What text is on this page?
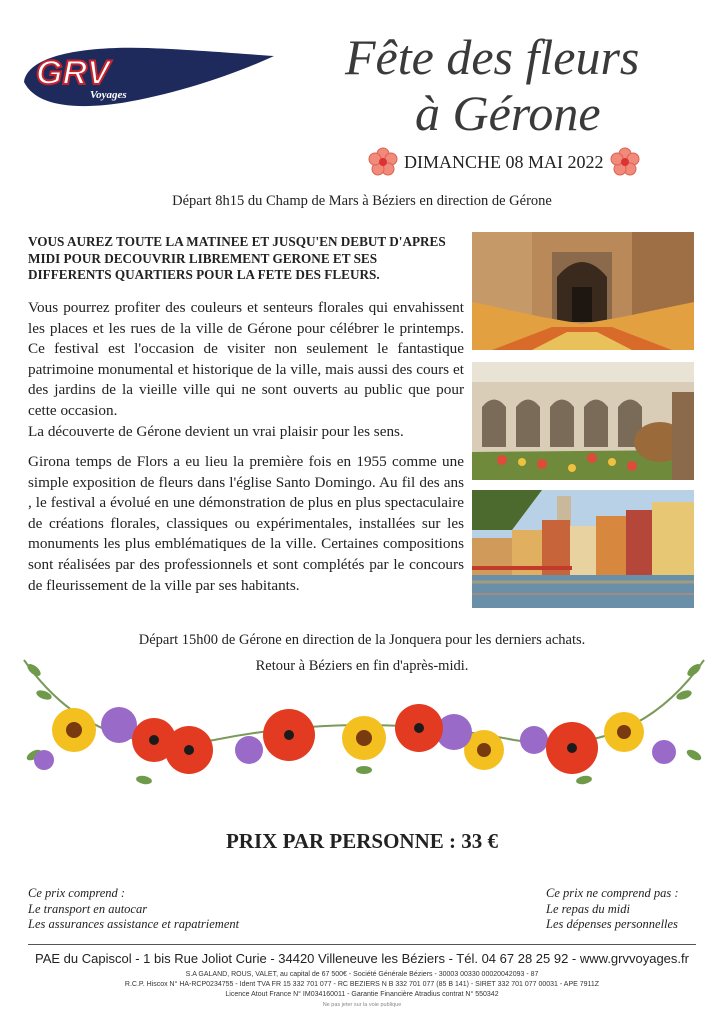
GRV
Voyages
Fête des fleurs
à Gérone
DIMANCHE 08 MAI 2022
Départ 8h15 du Champ de Mars à Béziers en direction de Gérone
VOUS AUREZ TOUTE LA MATINEE ET JUSQU'EN DEBUT D'APRES MIDI POUR DECOUVRIR LIBREMENT GERONE ET SES DIFFERENTS QUARTIERS POUR LA FETE DES FLEURS.
Vous pourrez profiter des couleurs et senteurs florales qui envahissent les places et les rues de la ville de Gérone pour célébrer le printemps. Ce festival est l'occasion de visiter non seulement le fantastique patrimoine monumental et historique de la ville, mais aussi des cours et des jardins de la vieille ville qui ne sont ouverts au public que pour cette occasion.
La découverte de Gérone devient un vrai plaisir pour les sens.
Girona temps de Flors a eu lieu la première fois en 1955 comme une simple exposition de fleurs dans l'église Santo Domingo. Au fil des ans , le festival a évolué en une démonstration de plus en plus spectaculaire de créations florales, classiques ou expérimentales, installées sur les monuments les plus emblématiques de la ville. Certaines compositions sont réalisées par des professionnels et sont complétés par le concours de fleurissement de la ville par ses habitants.
Départ 15h00 de Gérone en direction de la Jonquera pour les derniers achats.
Retour à Béziers en fin d'après-midi.
PRIX PAR PERSONNE : 33 €
Ce prix comprend :
Le transport en autocar
Les assurances assistance et rapatriement
Ce prix ne comprend pas :
Le repas du midi
Les dépenses personnelles
PAE du Capiscol - 1 bis Rue Joliot Curie - 34420 Villeneuve les Béziers - Tél. 04 67 28 25 92 - www.grvvoyages.fr
S.A GALAND, ROUS, VALET, au capital de 67 500€ - Société Générale Béziers - 30003 00330 00020042093 - 87
R.C.P. Hiscox N° HA-RCP0234755 - Ident TVA FR 15 332 701 077 - RC BEZIERS N B 332 701 077 (85 B 141) - SIRET 332 701 077 00031 - APE 7911Z
Licence Atout France N° IM034160011 - Garantie Financière Atradius contrat N° 550342
Ne pas jeter sur la voie publique
